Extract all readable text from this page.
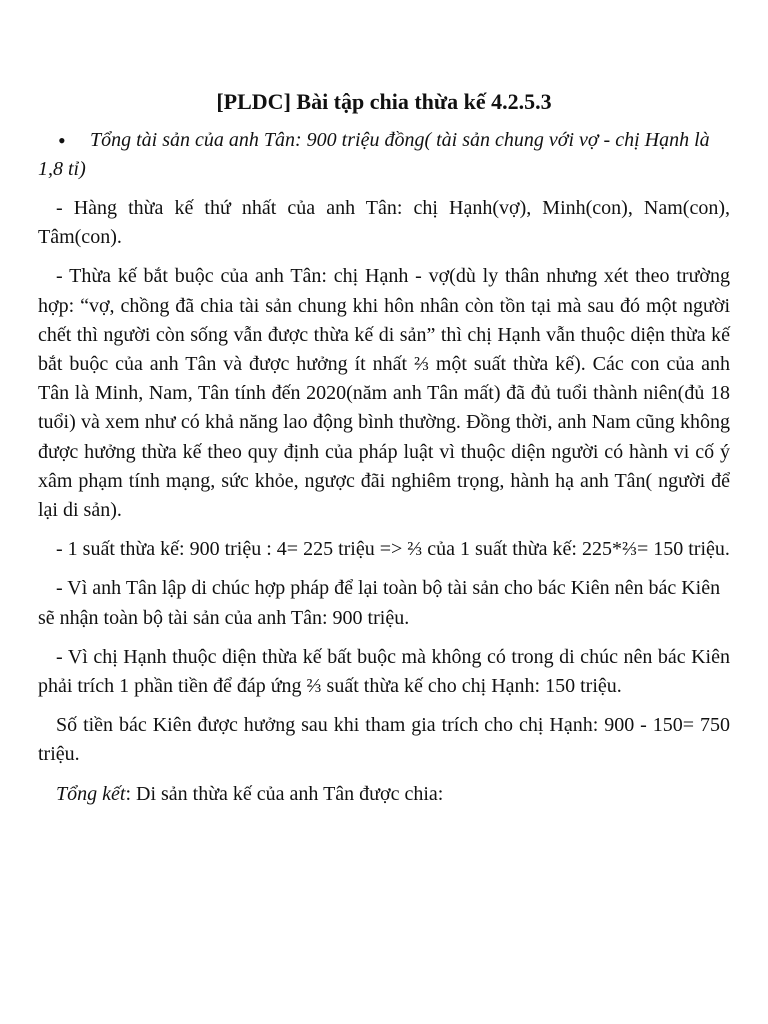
[PLDC] Bài tập chia thừa kế 4.2.5.3

• Tổng tài sản của anh Tân: 900 triệu đồng( tài sản chung với vợ - chị Hạnh là 1,8 tỉ)

- Hàng thừa kế thứ nhất của anh Tân: chị Hạnh(vợ), Minh(con), Nam(con), Tâm(con).

- Thừa kế bắt buộc của anh Tân: chị Hạnh - vợ(dù ly thân nhưng xét theo trường hợp: “vợ, chồng đã chia tài sản chung khi hôn nhân còn tồn tại mà sau đó một người chết thì người còn sống vẫn được thừa kế di sản” thì chị Hạnh vẫn thuộc diện thừa kế bắt buộc của anh Tân và được hưởng ít nhất ⅔ một suất thừa kế). Các con của anh Tân là Minh, Nam, Tân tính đến 2020(năm anh Tân mất) đã đủ tuổi thành niên(đủ 18 tuổi) và xem như có khả năng lao động bình thường. Đồng thời, anh Nam cũng không được hưởng thừa kế theo quy định của pháp luật vì thuộc diện người có hành vi cố ý xâm phạm tính mạng, sức khỏe, ngược đãi nghiêm trọng, hành hạ anh Tân( người để lại di sản).

- 1 suất thừa kế: 900 triệu : 4= 225 triệu => ⅔ của 1 suất thừa kế: 225*⅔= 150 triệu.

- Vì anh Tân lập di chúc hợp pháp để lại toàn bộ tài sản cho bác Kiên nên bác Kiên sẽ nhận toàn bộ tài sản của anh Tân: 900 triệu.

- Vì chị Hạnh thuộc diện thừa kế bất buộc mà không có trong di chúc nên bác Kiên phải trích 1 phần tiền để đáp ứng ⅔ suất thừa kế cho chị Hạnh: 150 triệu.

Số tiền bác Kiên được hưởng sau khi tham gia trích cho chị Hạnh: 900 - 150= 750 triệu.

Tổng kết: Di sản thừa kế của anh Tân được chia:
